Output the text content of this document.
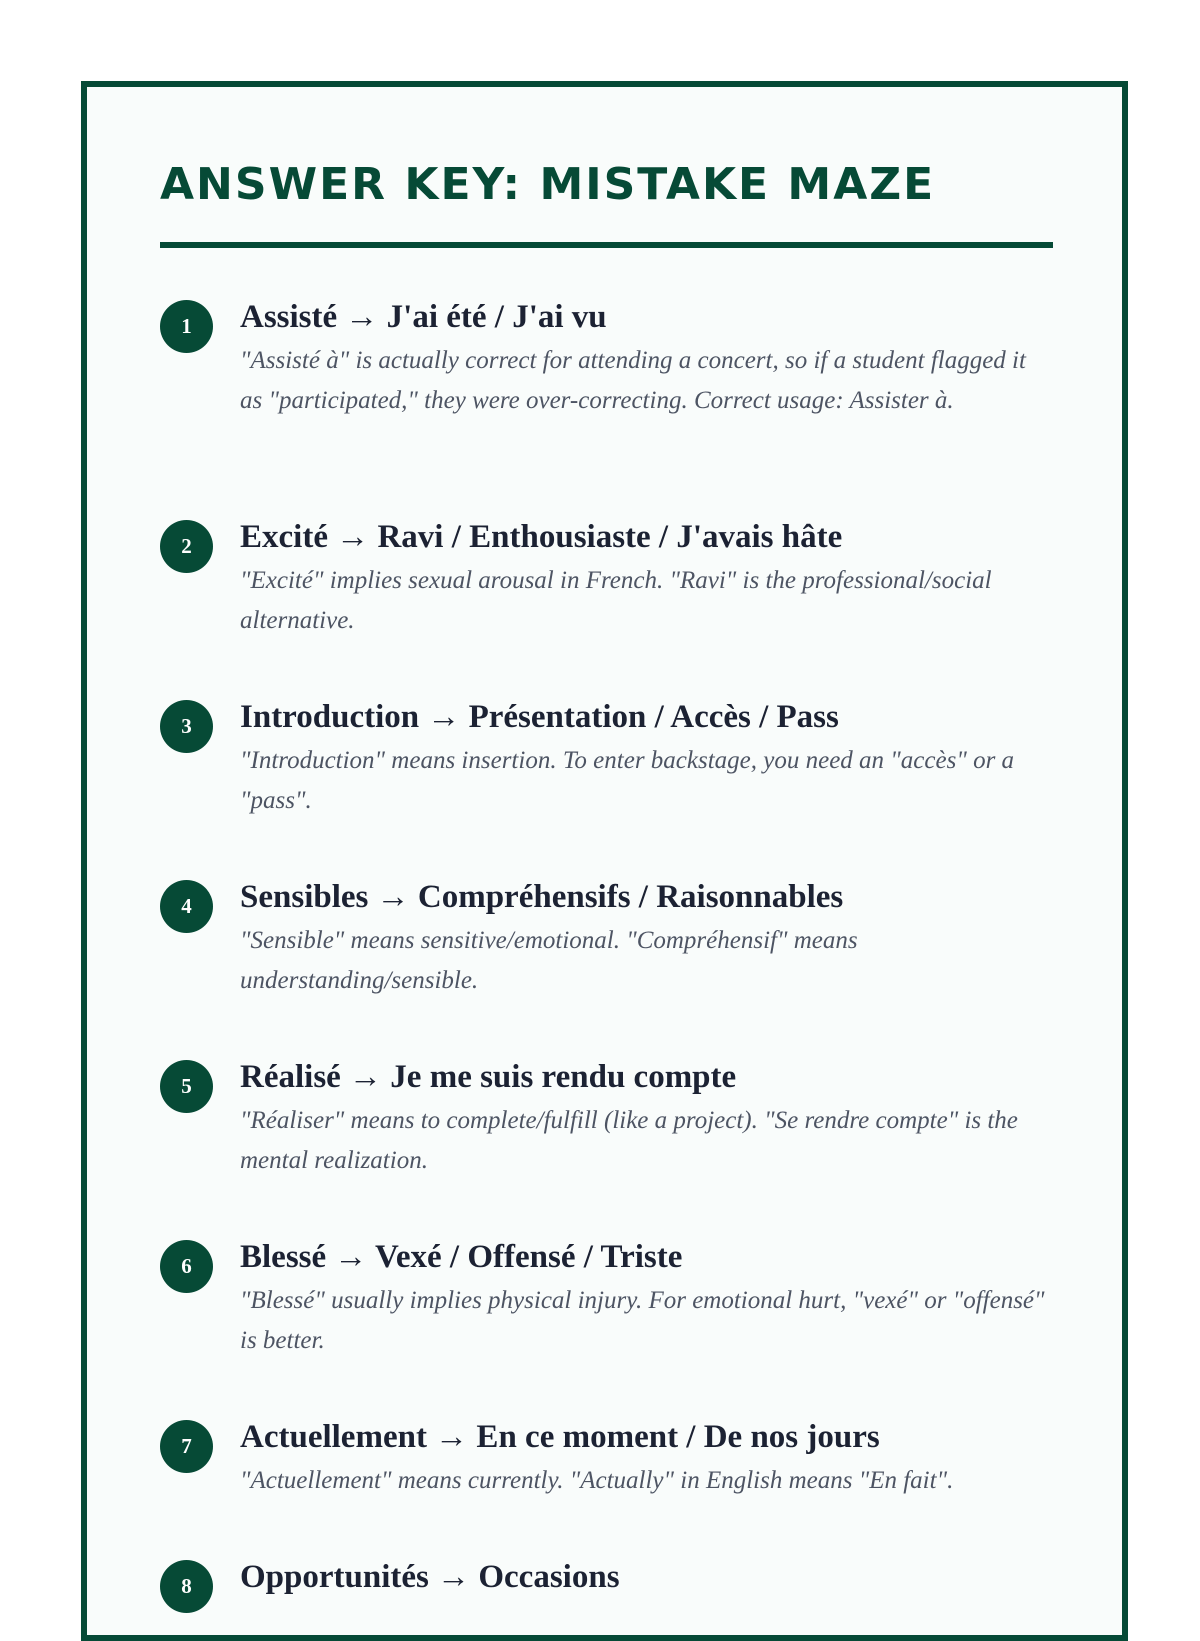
ANSWER KEY: MISTAKE MAZE
1	Assisté → J'ai été / J'ai vu
"Assisté à" is actually correct for attending a concert, so if a student flagged it as "participated," they were over-correcting. Correct usage: Assister à.
2	Excité → Ravi / Enthousiaste / J'avais hâte
"Excité" implies sexual arousal in French. "Ravi" is the professional/social alternative.
3	Introduction → Présentation / Accès / Pass
"Introduction" means insertion. To enter backstage, you need an "accès" or a "pass".
4	Sensibles → Compréhensifs / Raisonnables
"Sensible" means sensitive/emotional. "Compréhensif" means understanding/sensible.
5	Réalisé → Je me suis rendu compte
"Réaliser" means to complete/fulfill (like a project). "Se rendre compte" is the mental realization.
6	Blessé → Vexé / Offensé / Triste
"Blessé" usually implies physical injury. For emotional hurt, "vexé" or "offensé" is better.
7	Actuellement → En ce moment / De nos jours
"Actuellement" means currently. "Actually" in English means "En fait".
8	Opportunités → Occasions
